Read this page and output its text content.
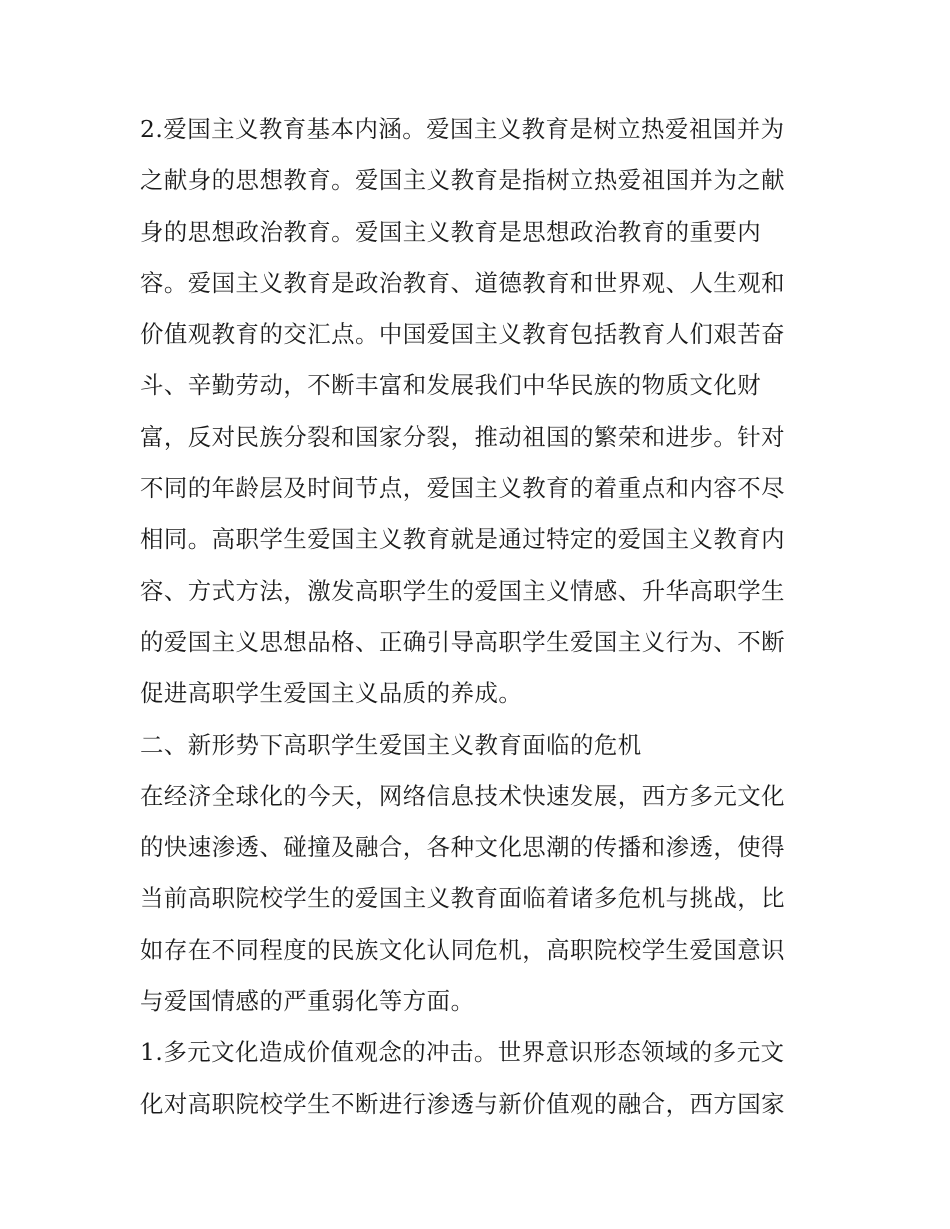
2.爱国主义教育基本内涵。爱国主义教育是树立热爱祖国并为
之献身的思想教育。爱国主义教育是指树立热爱祖国并为之献
身的思想政治教育。爱国主义教育是思想政治教育的重要内
容。爱国主义教育是政治教育、道德教育和世界观、人生观和
价值观教育的交汇点。中国爱国主义教育包括教育人们艰苦奋
斗、辛勤劳动，不断丰富和发展我们中华民族的物质文化财
富，反对民族分裂和国家分裂，推动祖国的繁荣和进步。针对
不同的年龄层及时间节点，爱国主义教育的着重点和内容不尽
相同。高职学生爱国主义教育就是通过特定的爱国主义教育内
容、方式方法，激发高职学生的爱国主义情感、升华高职学生
的爱国主义思想品格、正确引导高职学生爱国主义行为、不断
促进高职学生爱国主义品质的养成。
二、新形势下高职学生爱国主义教育面临的危机
在经济全球化的今天，网络信息技术快速发展，西方多元文化
的快速渗透、碰撞及融合，各种文化思潮的传播和渗透，使得
当前高职院校学生的爱国主义教育面临着诸多危机与挑战，比
如存在不同程度的民族文化认同危机，高职院校学生爱国意识
与爱国情感的严重弱化等方面。
1.多元文化造成价值观念的冲击。世界意识形态领域的多元文
化对高职院校学生不断进行渗透与新价值观的融合，西方国家
